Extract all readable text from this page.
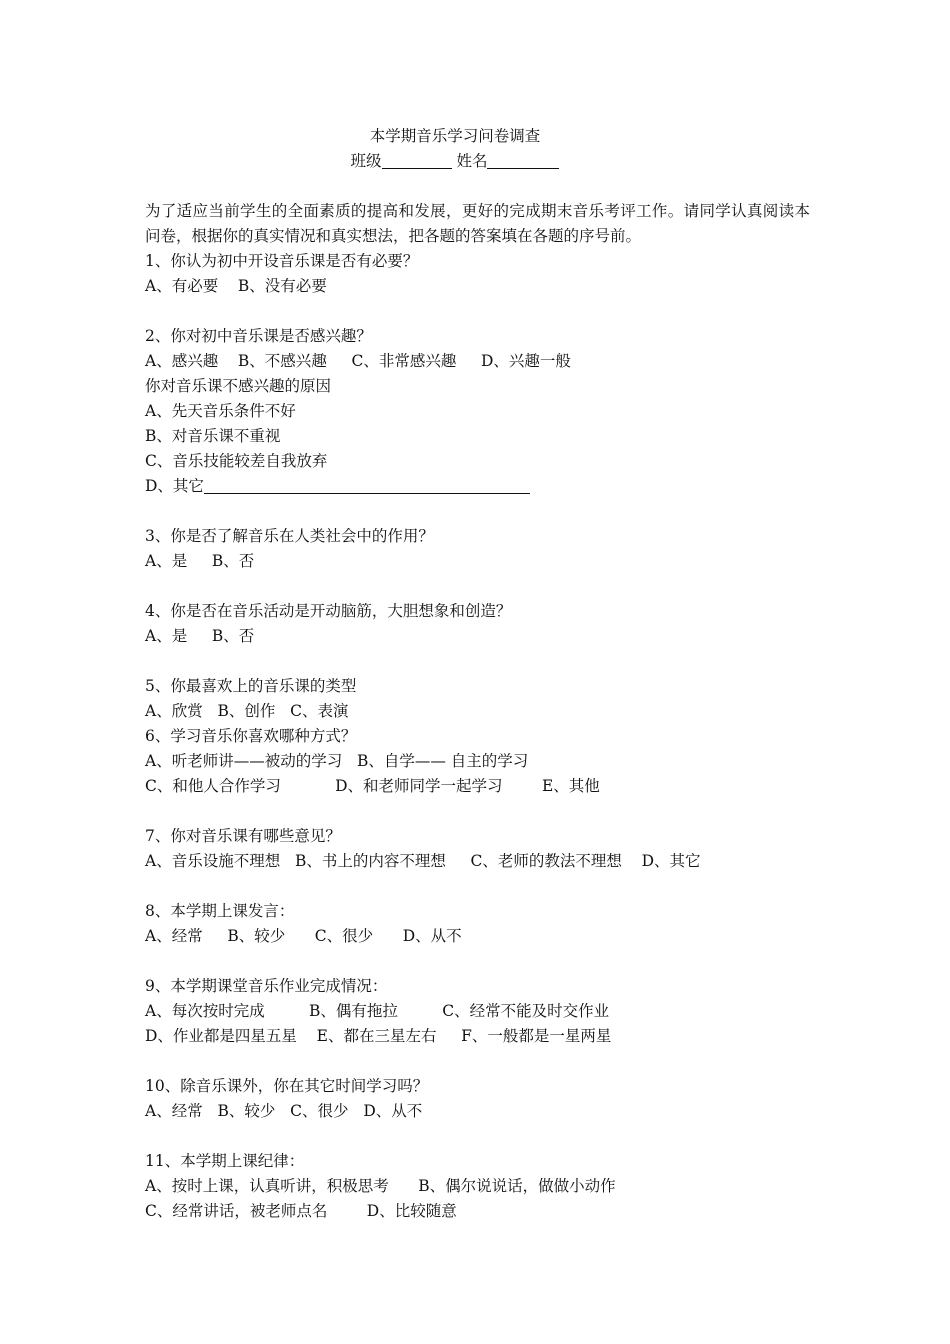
本学期音乐学习问卷调查
班级	姓名
为了适应当前学生的全面素质的提高和发展，更好的完成期末音乐考评工作。请同学认真阅读本问卷，根据你的真实情况和真实想法，把各题的答案填在各题的序号前。
1、你认为初中开设音乐课是否有必要？
A、有必要 B、没有必要
2、你对初中音乐课是否感兴趣？
A、感兴趣 B、不感兴趣 C、非常感兴趣 D、兴趣一般
你对音乐课不感兴趣的原因
A、先天音乐条件不好
B、对音乐课不重视
C、音乐技能较差自我放弃
D、其它
3、你是否了解音乐在人类社会中的作用？
A、是 B、否
4、你是否在音乐活动是开动脑筋，大胆想象和创造？
A、是 B、否
5、你最喜欢上的音乐课的类型
A、欣赏 B、创作 C、表演
6、学习音乐你喜欢哪种方式？
A、听老师讲——被动的学习 B、自学—— 自主的学习
C、和他人合作学习	D、和老师同学一起学习	E、其他
7、你对音乐课有哪些意见？
A、音乐设施不理想 B、书上的内容不理想 C、老师的教法不理想 D、其它
8、本学期上课发言：
A、经常 B、较少 C、很少 D、从不
9、本学期课堂音乐作业完成情况：
A、每次按时完成	B、偶有拖拉	C、经常不能及时交作业
D、作业都是四星五星 E、都在三星左右 F、一般都是一星两星
10、除音乐课外，你在其它时间学习吗？
A、经常 B、较少 C、很少 D、从不
11、本学期上课纪律：
A、按时上课，认真听讲，积极思考 B、偶尔说说话，做做小动作
C、经常讲话，被老师点名	D、比较随意
